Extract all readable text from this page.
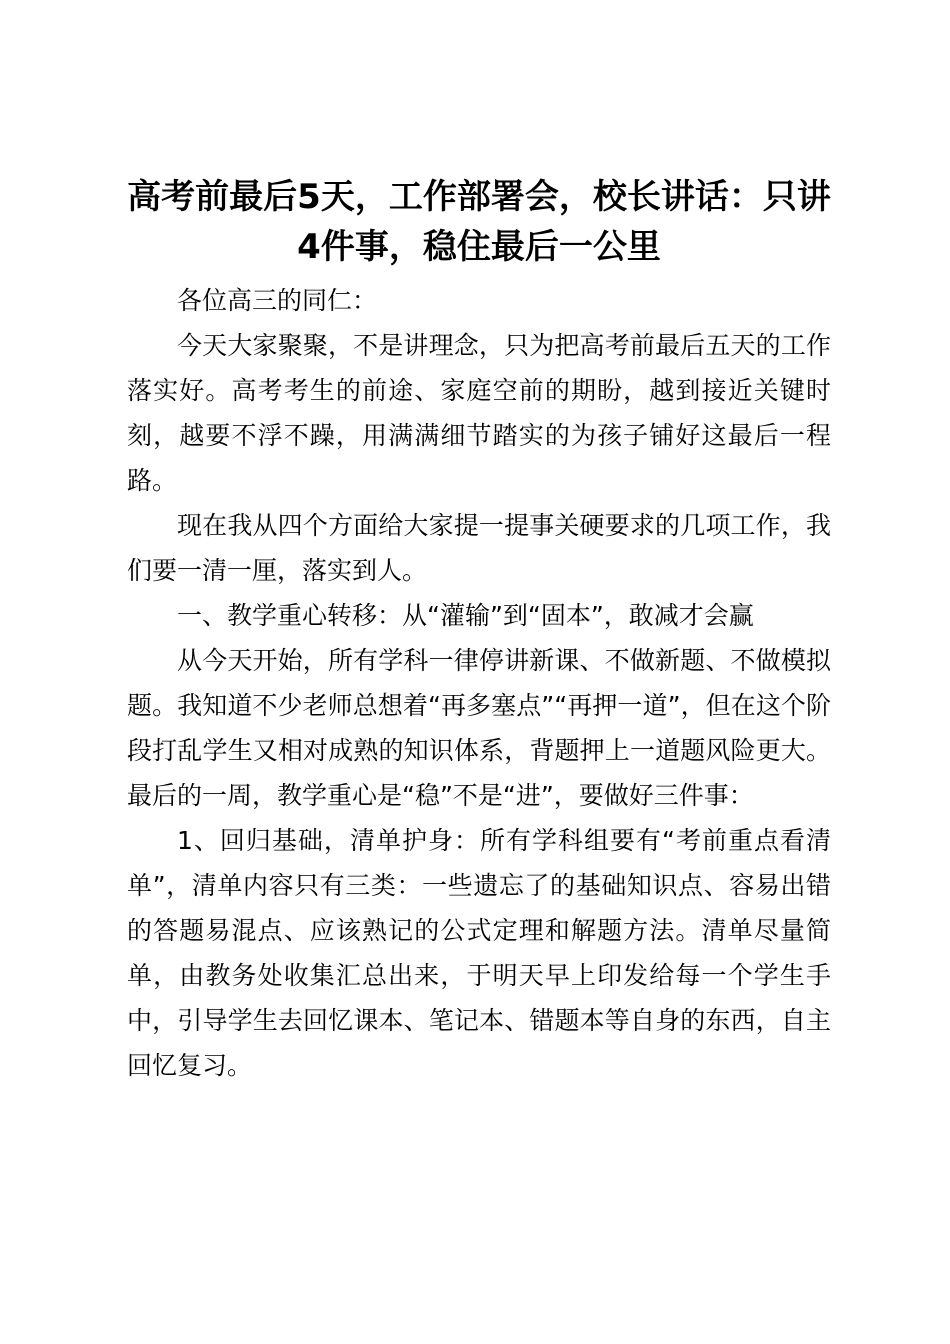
高考前最后5天，工作部署会，校长讲话：只讲4件事，稳住最后一公里

各位高三的同仁：

今天大家聚聚，不是讲理念，只为把高考前最后五天的工作落实好。高考考生的前途、家庭空前的期盼，越到接近关键时刻，越要不浮不躁，用满满细节踏实的为孩子铺好这最后一程路。

现在我从四个方面给大家提一提事关硬要求的几项工作，我们要一清一厘，落实到人。

一、教学重心转移：从“灌输”到“固本”，敢减才会赢

从今天开始，所有学科一律停讲新课、不做新题、不做模拟题。我知道不少老师总想着“再多塞点”“再押一道”，但在这个阶段打乱学生又相对成熟的知识体系，背题押上一道题风险更大。最后的一周，教学重心是“稳”不是“进”，要做好三件事：

1、回归基础，清单护身：所有学科组要有“考前重点看清单”，清单内容只有三类：一些遗忘了的基础知识点、容易出错的答题易混点、应该熟记的公式定理和解题方法。清单尽量简单，由教务处收集汇总出来，于明天早上印发给每一个学生手中，引导学生去回忆课本、笔记本、错题本等自身的东西，自主回忆复习。
